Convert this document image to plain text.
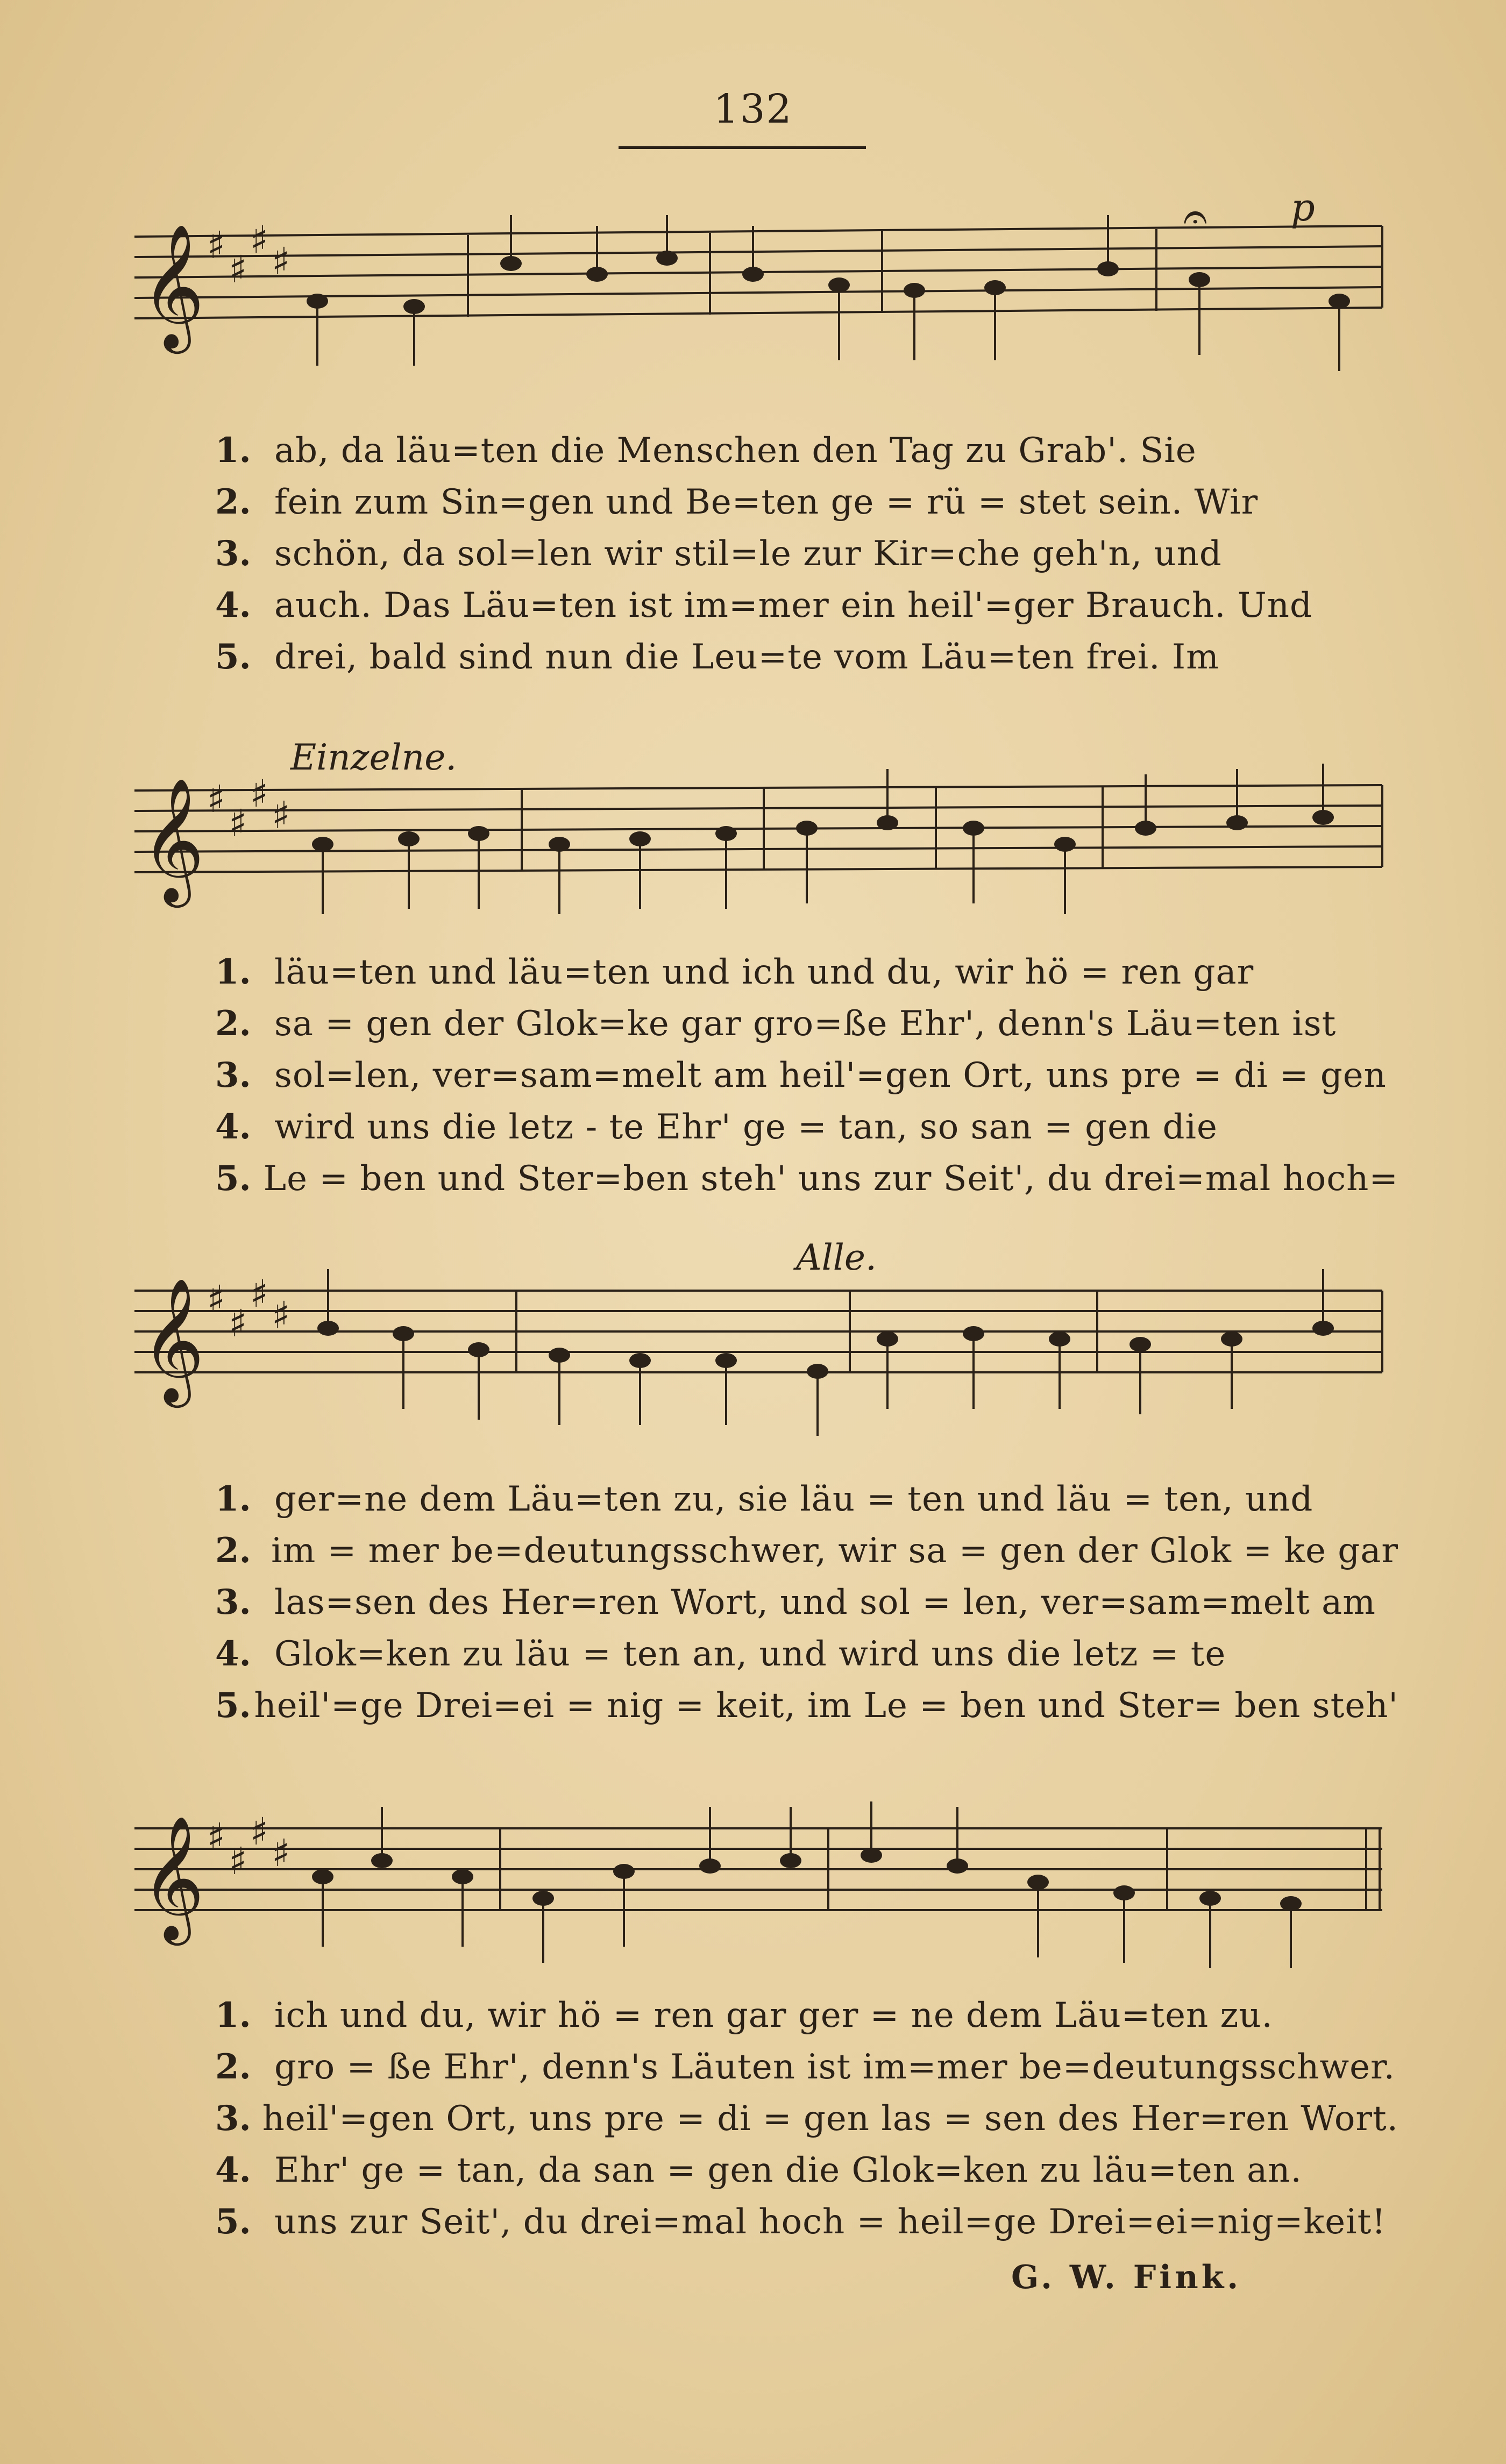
132
𝄞 ♯
♯
♯ ♯
𝄐 p
1. ab, da läu=ten die Menschen den Tag zu Grab'. Sie
2. fein zum Sin=gen und Be=ten ge = rü = stet sein. Wir
3. schön, da sol=len wir stil=le zur Kir=che geh'n, und
4. auch. Das Läu=ten ist im=mer ein heil'=ger Brauch. Und
5. drei, bald sind nun die Leu=te vom Läu=ten frei. Im
Einzelne.
𝄞 ♯
♯
♯ ♯
1. läu=ten und läu=ten und ich und du, wir hö = ren gar
2. sa = gen der Glok=ke gar gro=ße Ehr', denn's Läu=ten ist
3. sol=len, ver=sam=melt am heil'=gen Ort, uns pre = di = gen
4. wird uns die letz - te Ehr' ge = tan, so san = gen die
5. Le = ben und Ster=ben steh' uns zur Seit', du drei=mal hoch=
Alle.
𝄞 ♯
♯
♯ ♯
1. ger=ne dem Läu=ten zu, sie läu = ten und läu = ten, und
2. im = mer be=deutungsschwer, wir sa = gen der Glok = ke gar
3. las=sen des Her=ren Wort, und sol = len, ver=sam=melt am
4. Glok=ken zu läu = ten an, und wird uns die letz = te
5. heil'=ge Drei=ei = nig = keit, im Le = ben und Ster= ben steh'
𝄞 ♯
♯
♯ ♯
1. ich und du, wir hö = ren gar ger = ne dem Läu=ten zu.
2. gro = ße Ehr', denn's Läuten ist im=mer be=deutungsschwer.
3. heil'=gen Ort, uns pre = di = gen las = sen des Her=ren Wort.
4. Ehr' ge = tan, da san = gen die Glok=ken zu läu=ten an.
5. uns zur Seit', du drei=mal hoch = heil=ge Drei=ei=nig=keit!
G. W. Fink.
